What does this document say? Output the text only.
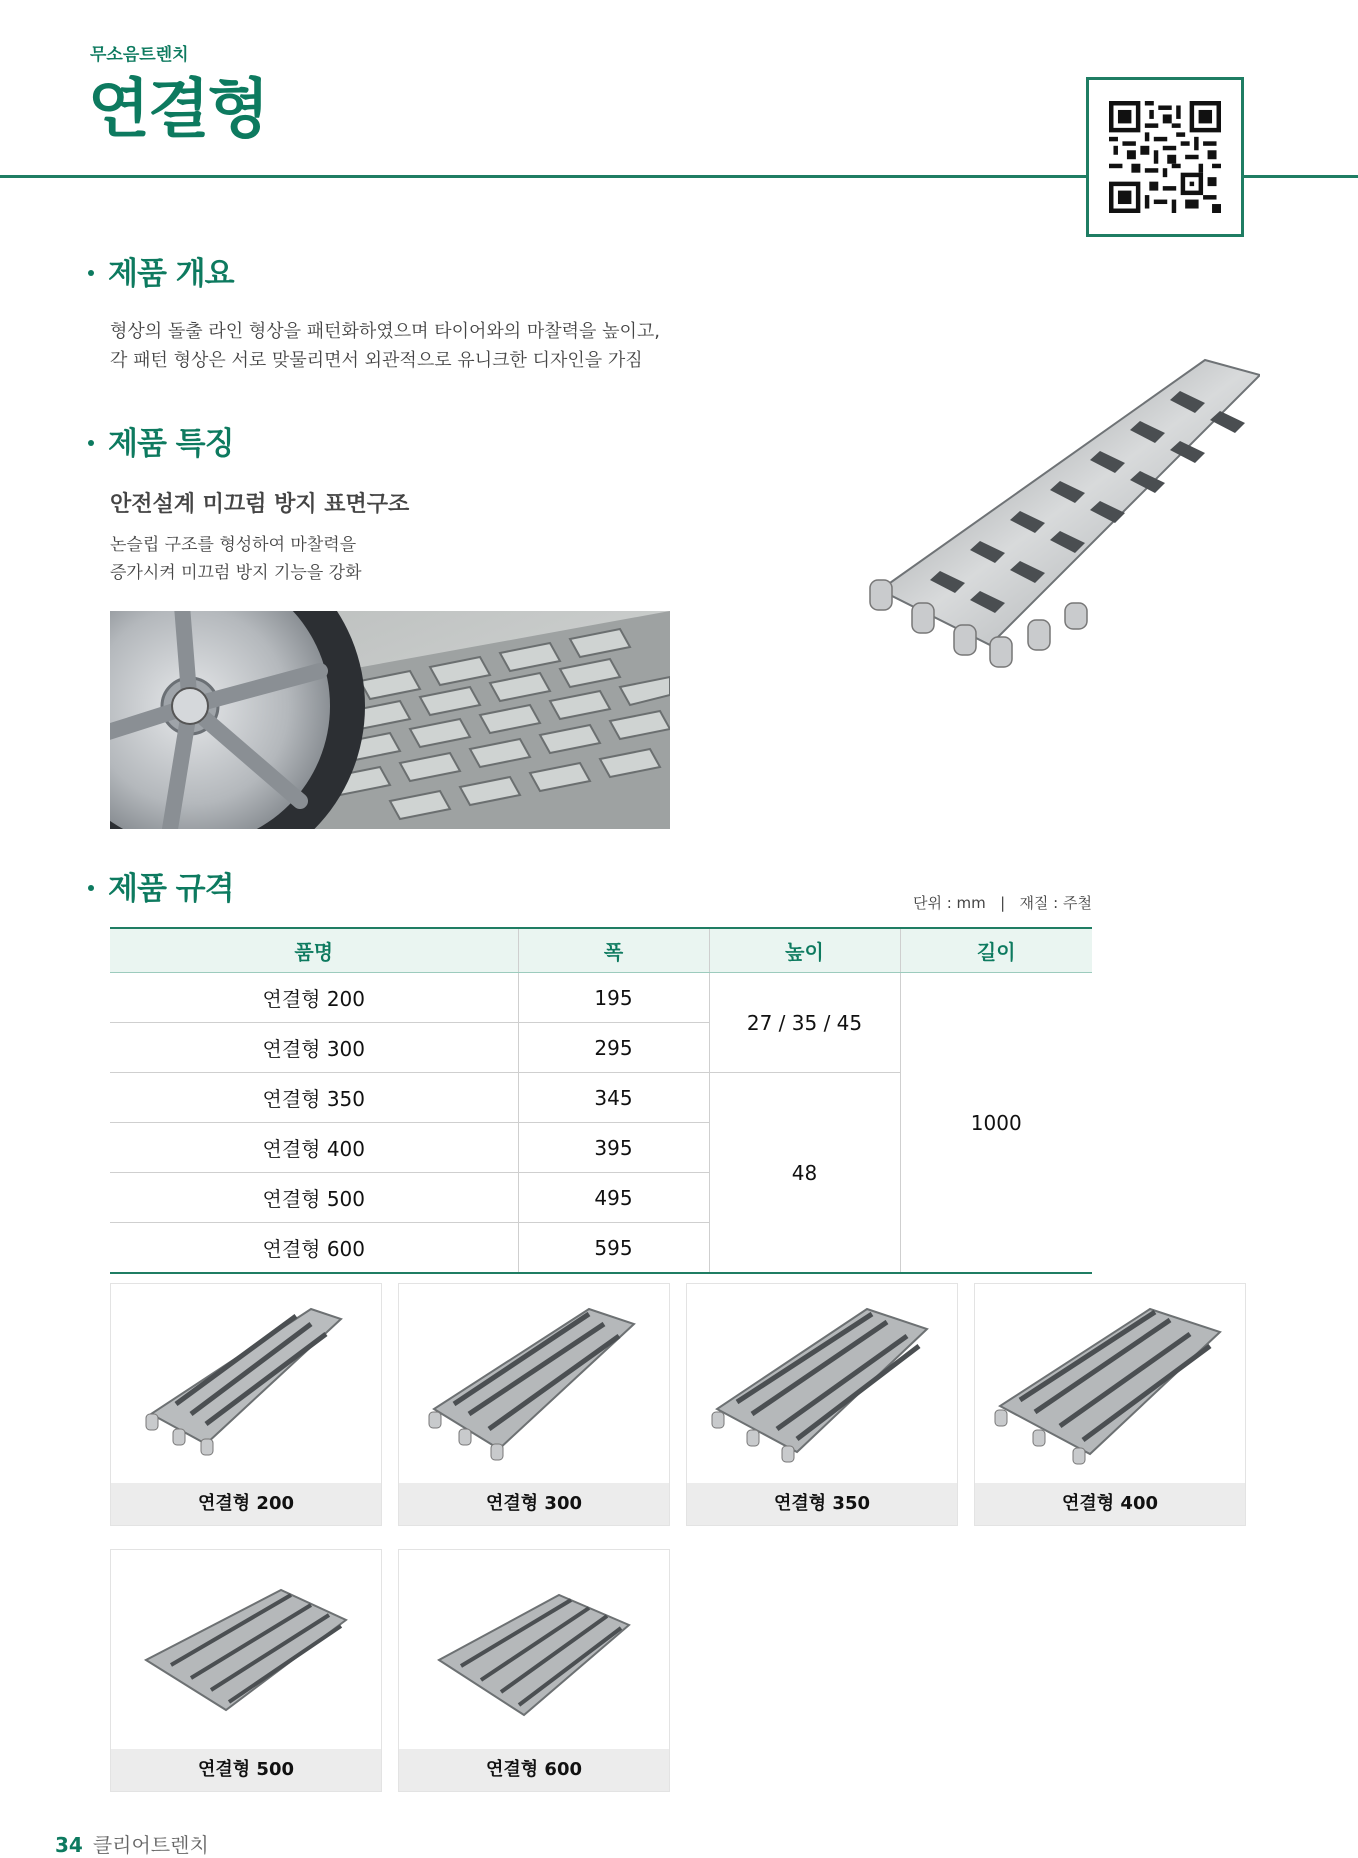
무소음트렌치
연결형
제품 개요
형상의 돌출 라인 형상을 패턴화하였으며 타이어와의 마찰력을 높이고,
각 패턴 형상은 서로 맞물리면서 외관적으로 유니크한 디자인을 가짐
제품 특징
안전설계 미끄럼 방지 표면구조
논슬립 구조를 형성하여 마찰력을
증가시켜 미끄럼 방지 기능을 강화
제품 규격	단위 : mm | 재질 : 주철
품명	폭	높이	길이
연결형 200	195	27 / 35 / 45	1000
연결형 300	295		
연결형 350	345	48	
연결형 400	395		
연결형 500	495		
연결형 600	595		
연결형 200	연결형 300	연결형 350	연결형 400
연결형 500	연결형 600
34 클리어트렌치
